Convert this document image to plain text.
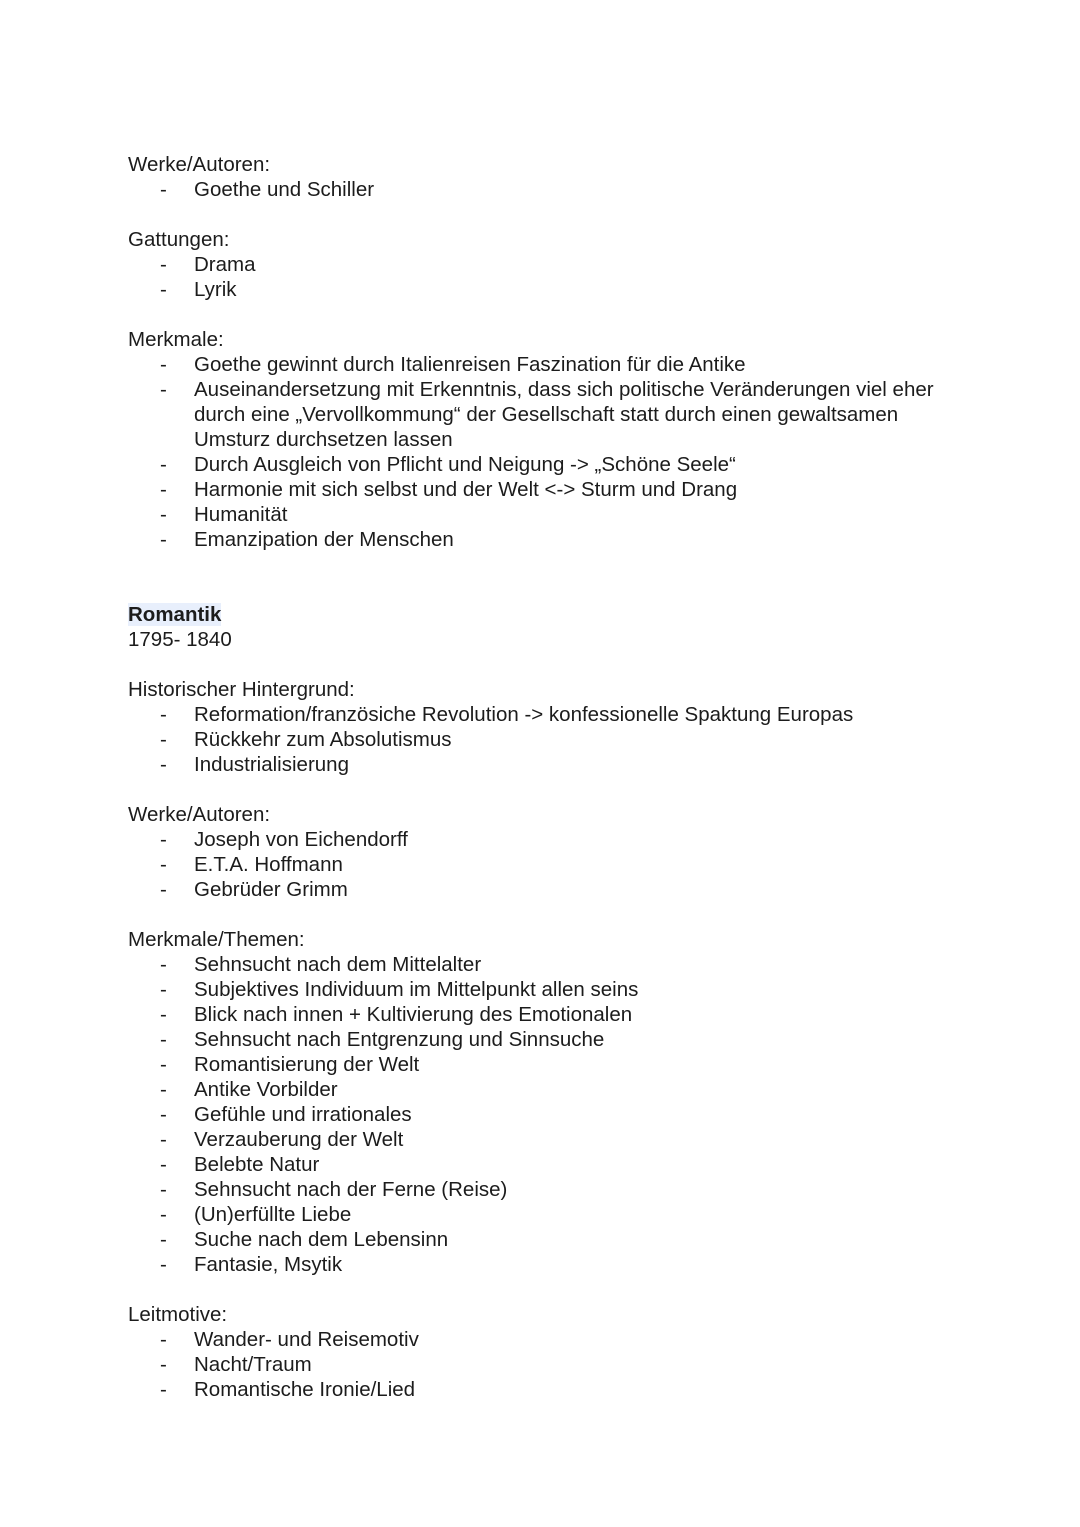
Werke/Autoren:

- Goethe und Schiller

Gattungen:

- Drama
- Lyrik

Merkmale:

- Goethe gewinnt durch Italienreisen Faszination für die Antike
- Auseinandersetzung mit Erkenntnis, dass sich politische Veränderungen viel eher durch eine „Vervollkommung“ der Gesellschaft statt durch einen gewaltsamen Umsturz durchsetzen lassen
- Durch Ausgleich von Pflicht und Neigung -> „Schöne Seele“
- Harmonie mit sich selbst und der Welt <-> Sturm und Drang
- Humanität
- Emanzipation der Menschen

Romantik

1795- 1840

Historischer Hintergrund:

- Reformation/französiche Revolution -> konfessionelle Spaktung Europas
- Rückkehr zum Absolutismus
- Industrialisierung

Werke/Autoren:

- Joseph von Eichendorff
- E.T.A. Hoffmann
- Gebrüder Grimm

Merkmale/Themen:

- Sehnsucht nach dem Mittelalter
- Subjektives Individuum im Mittelpunkt allen seins
- Blick nach innen + Kultivierung des Emotionalen
- Sehnsucht nach Entgrenzung und Sinnsuche
- Romantisierung der Welt
- Antike Vorbilder
- Gefühle und irrationales
- Verzauberung der Welt
- Belebte Natur
- Sehnsucht nach der Ferne (Reise)
- (Un)erfüllte Liebe
- Suche nach dem Lebensinn
- Fantasie, Msytik

Leitmotive:

- Wander- und Reisemotiv
- Nacht/Traum
- Romantische Ironie/Lied
